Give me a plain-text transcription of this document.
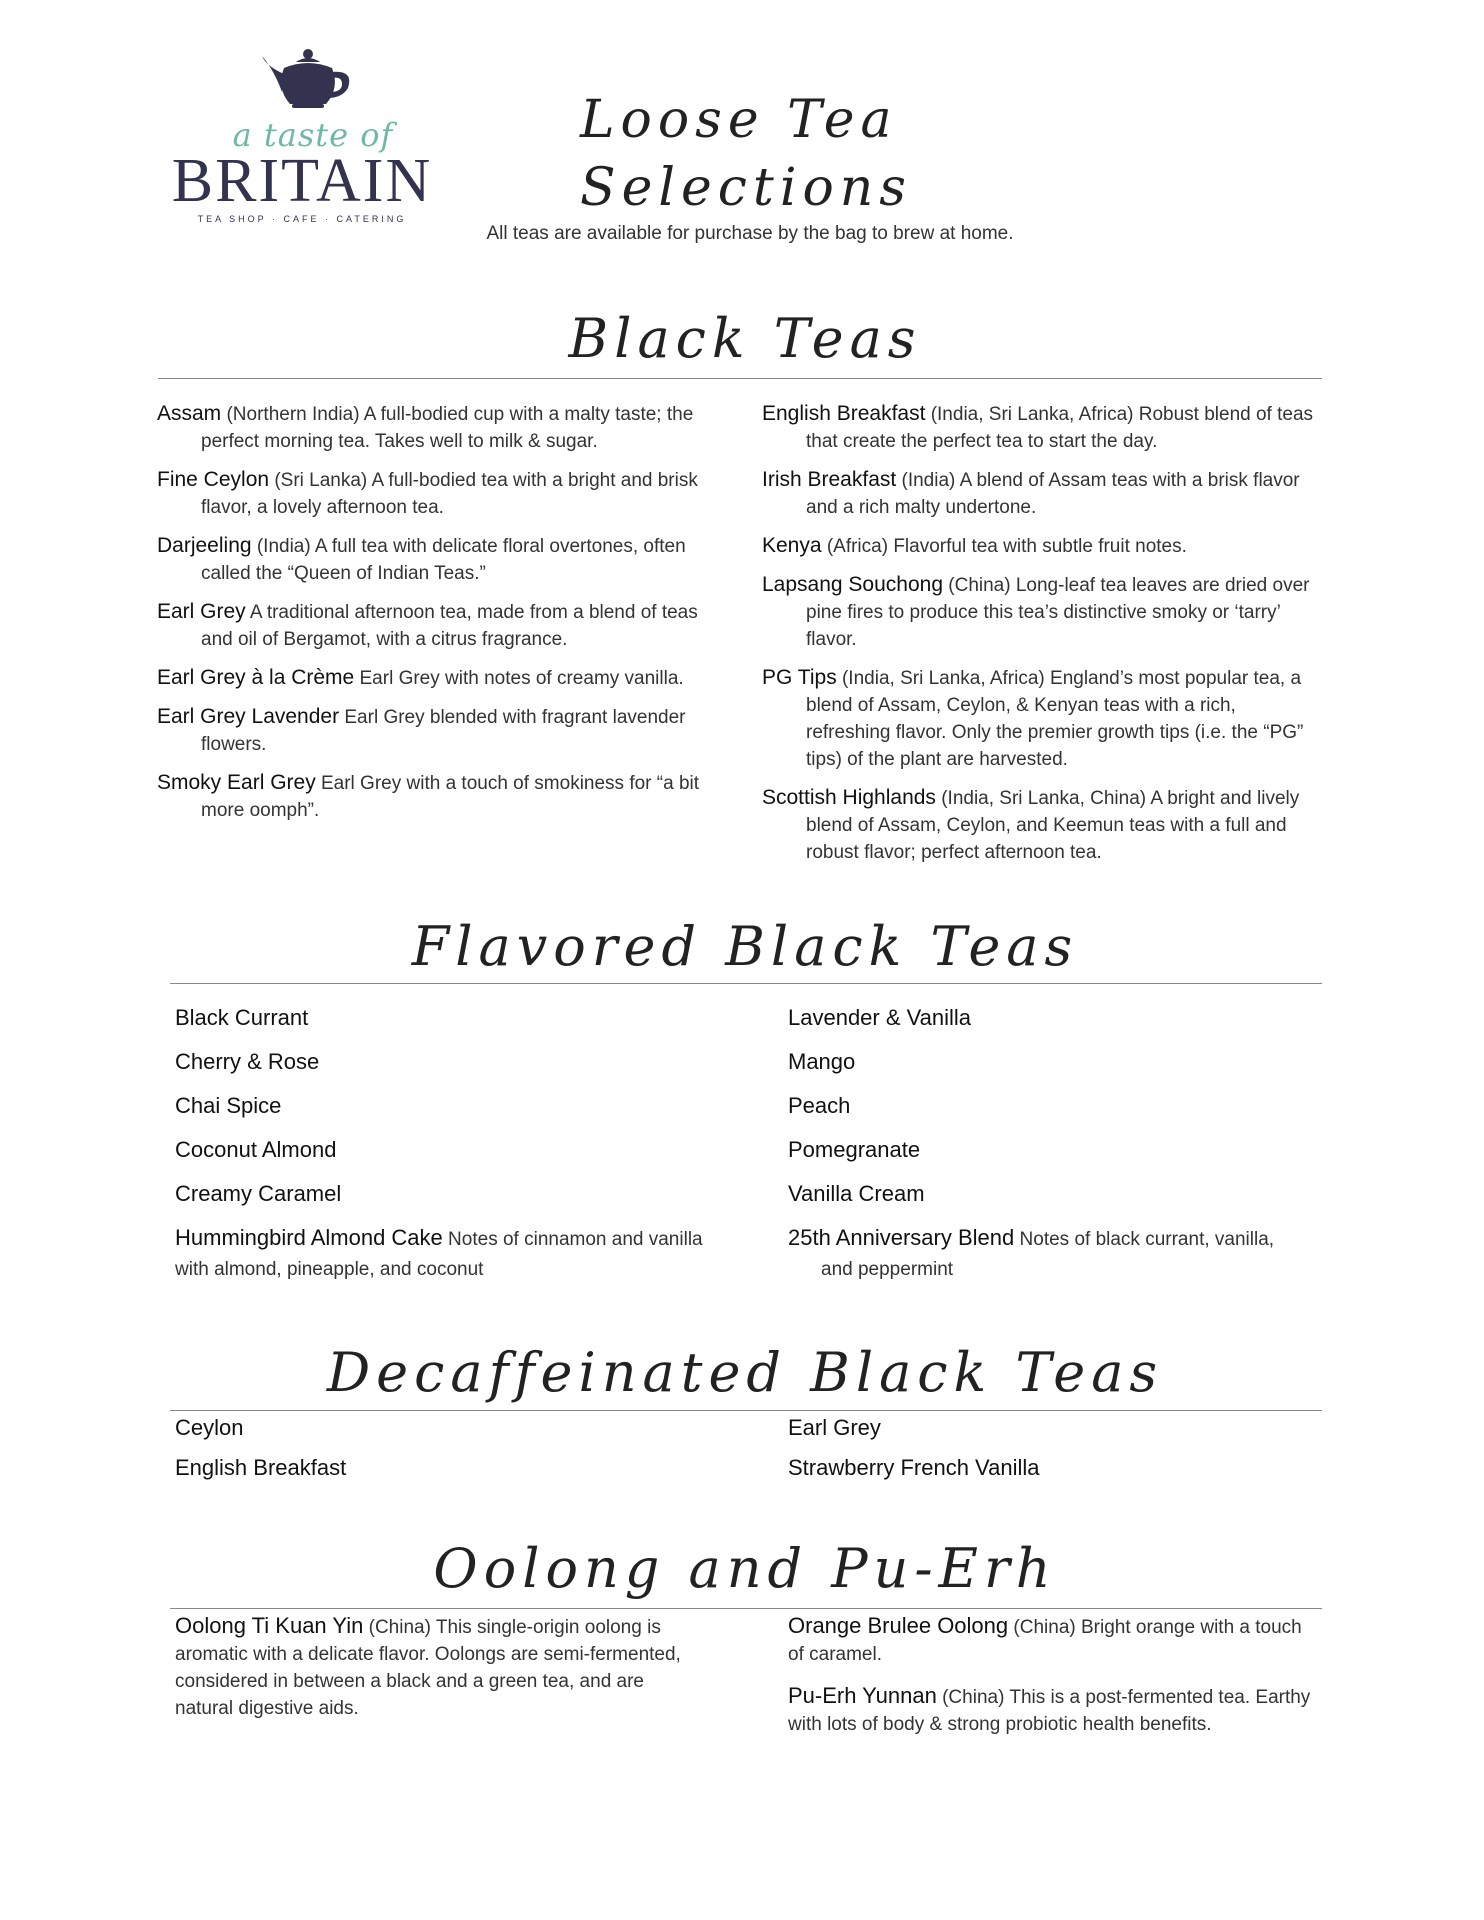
a taste of
BRITAIN
TEA SHOP · CAFE · CATERING
Loose Tea
Selections
All teas are available for purchase by the bag to brew at home.
Black Teas
Assam (Northern India) A full-bodied cup with a malty taste; the perfect morning tea. Takes well to milk & sugar.
Fine Ceylon (Sri Lanka) A full-bodied tea with a bright and brisk flavor, a lovely afternoon tea.
Darjeeling (India) A full tea with delicate floral overtones, often called the “Queen of Indian Teas.”
Earl Grey A traditional afternoon tea, made from a blend of teas and oil of Bergamot, with a citrus fragrance.
Earl Grey à la Crème Earl Grey with notes of creamy vanilla.
Earl Grey Lavender Earl Grey blended with fragrant lavender flowers.
Smoky Earl Grey Earl Grey with a touch of smokiness for “a bit more oomph”.
English Breakfast (India, Sri Lanka, Africa) Robust blend of teas that create the perfect tea to start the day.
Irish Breakfast (India) A blend of Assam teas with a brisk flavor and a rich malty undertone.
Kenya (Africa) Flavorful tea with subtle fruit notes.
Lapsang Souchong (China) Long-leaf tea leaves are dried over pine fires to produce this tea’s distinctive smoky or ‘tarry’ flavor.
PG Tips (India, Sri Lanka, Africa) England’s most popular tea, a blend of Assam, Ceylon, & Kenyan teas with a rich, refreshing flavor. Only the premier growth tips (i.e. the “PG” tips) of the plant are harvested.
Scottish Highlands (India, Sri Lanka, China) A bright and lively blend of Assam, Ceylon, and Keemun teas with a full and robust flavor; perfect afternoon tea.
Flavored Black Teas
Black Currant
Cherry & Rose
Chai Spice
Coconut Almond
Creamy Caramel
Hummingbird Almond Cake Notes of cinnamon and vanilla with almond, pineapple, and coconut
Lavender & Vanilla
Mango
Peach
Pomegranate
Vanilla Cream
25th Anniversary Blend Notes of black currant, vanilla, and peppermint
Decaffeinated Black Teas
Ceylon
English Breakfast
Earl Grey
Strawberry French Vanilla
Oolong and Pu-Erh
Oolong Ti Kuan Yin (China) This single-origin oolong is aromatic with a delicate flavor. Oolongs are semi-fermented, considered in between a black and a green tea, and are natural digestive aids.
Orange Brulee Oolong (China) Bright orange with a touch of caramel.
Pu-Erh Yunnan (China) This is a post-fermented tea. Earthy with lots of body & strong probiotic health benefits.
